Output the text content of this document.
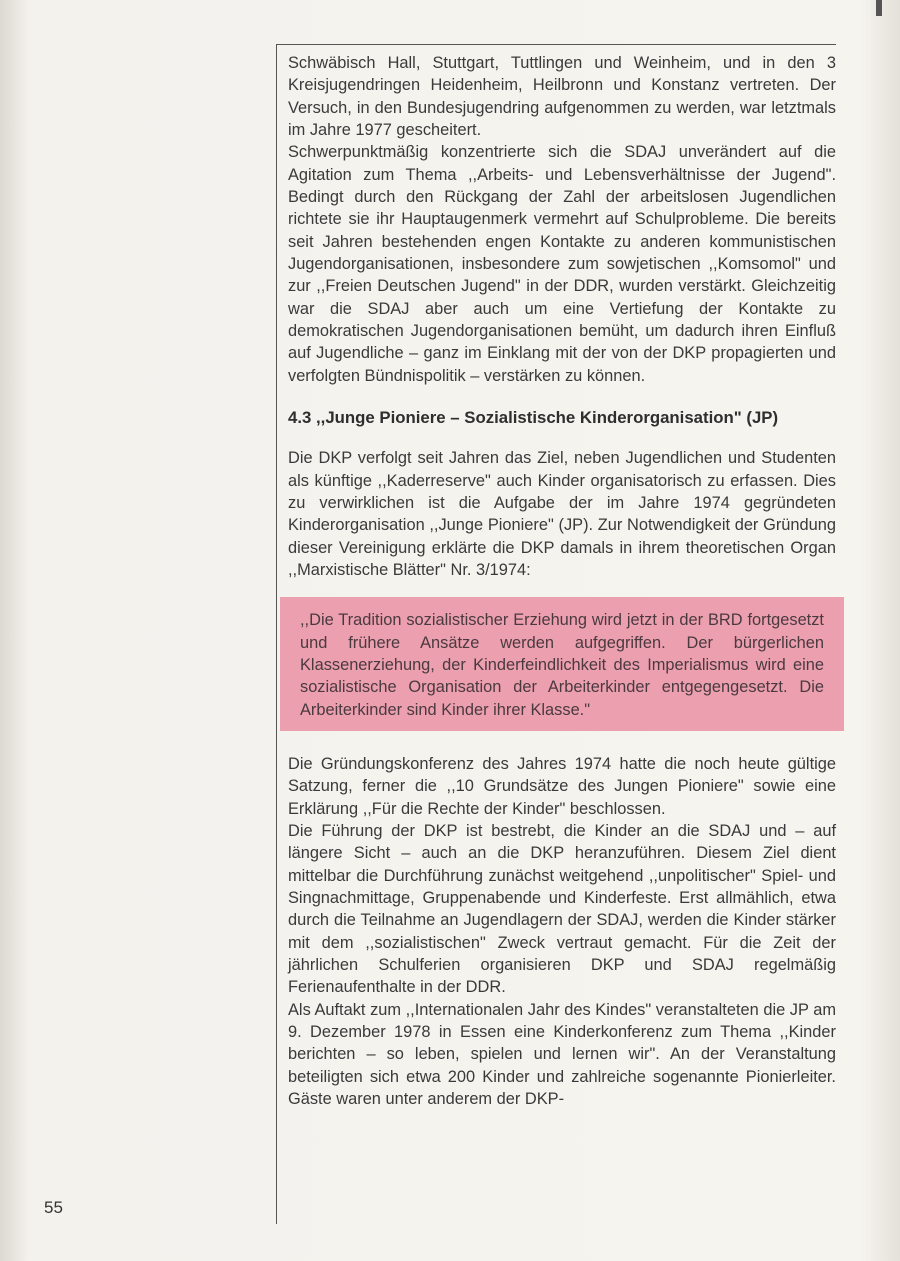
Schwäbisch Hall, Stuttgart, Tuttlingen und Weinheim, und in den 3 Kreisjugendringen Heidenheim, Heilbronn und Konstanz vertreten. Der Versuch, in den Bundesjugendring aufgenommen zu werden, war letztmals im Jahre 1977 gescheitert.

Schwerpunktmäßig konzentrierte sich die SDAJ unverändert auf die Agitation zum Thema ,,Arbeits- und Lebensverhältnisse der Jugend". Bedingt durch den Rückgang der Zahl der arbeitslosen Jugendlichen richtete sie ihr Hauptaugenmerk vermehrt auf Schulprobleme. Die bereits seit Jahren bestehenden engen Kontakte zu anderen kommunistischen Jugendorganisationen, insbesondere zum sowjetischen ,,Komsomol" und zur ,,Freien Deutschen Jugend" in der DDR, wurden verstärkt. Gleichzeitig war die SDAJ aber auch um eine Vertiefung der Kontakte zu demokratischen Jugendorganisationen bemüht, um dadurch ihren Einfluß auf Jugendliche – ganz im Einklang mit der von der DKP propagierten und verfolgten Bündnispolitik – verstärken zu können.

4.3 ,,Junge Pioniere – Sozialistische Kinderorganisation" (JP)

Die DKP verfolgt seit Jahren das Ziel, neben Jugendlichen und Studenten als künftige ,,Kaderreserve" auch Kinder organisatorisch zu erfassen. Dies zu verwirklichen ist die Aufgabe der im Jahre 1974 gegründeten Kinderorganisation ,,Junge Pioniere" (JP). Zur Notwendigkeit der Gründung dieser Vereinigung erklärte die DKP damals in ihrem theoretischen Organ ,,Marxistische Blätter" Nr. 3/1974:

,,Die Tradition sozialistischer Erziehung wird jetzt in der BRD fortgesetzt und frühere Ansätze werden aufgegriffen. Der bürgerlichen Klassenerziehung, der Kinderfeindlichkeit des Imperialismus wird eine sozialistische Organisation der Arbeiterkinder entgegengesetzt. Die Arbeiterkinder sind Kinder ihrer Klasse."

Die Gründungskonferenz des Jahres 1974 hatte die noch heute gültige Satzung, ferner die ,,10 Grundsätze des Jungen Pioniere" sowie eine Erklärung ,,Für die Rechte der Kinder" beschlossen.

Die Führung der DKP ist bestrebt, die Kinder an die SDAJ und – auf längere Sicht – auch an die DKP heranzuführen. Diesem Ziel dient mittelbar die Durchführung zunächst weitgehend ,,unpolitischer" Spiel- und Singnachmittage, Gruppenabende und Kinderfeste. Erst allmählich, etwa durch die Teilnahme an Jugendlagern der SDAJ, werden die Kinder stärker mit dem ,,sozialistischen" Zweck vertraut gemacht. Für die Zeit der jährlichen Schulferien organisieren DKP und SDAJ regelmäßig Ferienaufenthalte in der DDR.

Als Auftakt zum ,,Internationalen Jahr des Kindes" veranstalteten die JP am 9. Dezember 1978 in Essen eine Kinderkonferenz zum Thema ,,Kinder berichten – so leben, spielen und lernen wir". An der Veranstaltung beteiligten sich etwa 200 Kinder und zahlreiche sogenannte Pionierleiter. Gäste waren unter anderem der DKP-

55
